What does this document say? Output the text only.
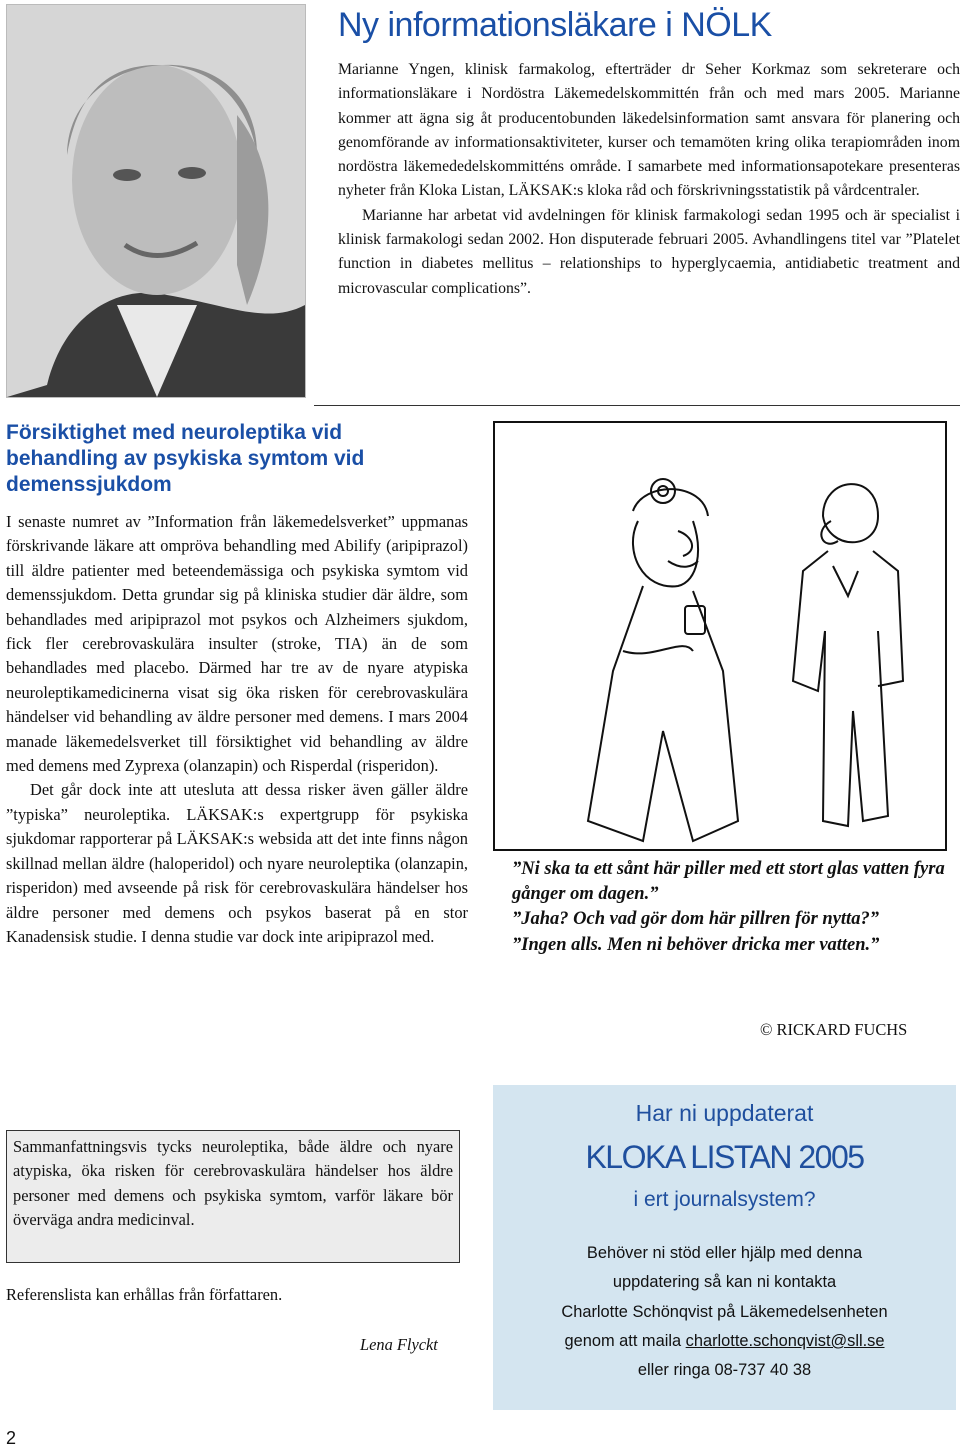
Ny informationsläkare i NÖLK

Marianne Yngen, klinisk farmakolog, efterträder dr Seher Korkmaz som sekreterare och informationsläkare i Nordöstra Läkemedelskommittén från och med mars 2005. Marianne kommer att ägna sig åt producentobunden läkedelsinformation samt ansvara för planering och genomförande av informationsaktiviteter, kurser och temamöten kring olika terapiområden inom nordöstra läkemededelskommitténs område. I samarbete med informationsapotekare presenteras nyheter från Kloka Listan, LÄKSAK:s kloka råd och förskrivningsstatistik på vårdcentraler.

Marianne har arbetat vid avdelningen för klinisk farmakologi sedan 1995 och är specialist i klinisk farmakologi sedan 2002. Hon disputerade februari 2005. Avhandlingens titel var ”Platelet function in diabetes mellitus – relationships to hyperglycaemia, antidiabetic treatment and microvascular complications”.

Försiktighet med neuroleptika vid behandling av psykiska symtom vid demenssjukdom

I senaste numret av ”Information från läkemedelsverket” uppmanas förskrivande läkare att ompröva behandling med Abilify (aripiprazol) till äldre patienter med beteendemässiga och psykiska symtom vid demenssjukdom. Detta grundar sig på kliniska studier där äldre, som behandlades med aripiprazol mot psykos och Alzheimers sjukdom, fick fler cerebrovaskulära insulter (stroke, TIA) än de som behandlades med placebo. Därmed har tre av de nyare atypiska neuroleptikamedicinerna visat sig öka risken för cerebrovaskulära händelser vid behandling av äldre personer med demens. I mars 2004 manade läkemedelsverket till försiktighet vid behandling av äldre med demens med Zyprexa (olanzapin) och Risperdal (risperidon).

Det går dock inte att utesluta att dessa risker även gäller äldre ”typiska” neuroleptika. LÄKSAK:s expertgrupp för psykiska sjukdomar rapporterar på LÄKSAK:s websida att det inte finns någon skillnad mellan äldre (haloperidol) och nyare neuroleptika (olanzapin, risperidon) med avseende på risk för cerebrovaskulära händelser hos äldre personer med demens och psykos baserat på en stor Kanadensisk studie. I denna studie var dock inte aripiprazol med.

Sammanfattningsvis tycks neuroleptika, både äldre och nyare atypiska, öka risken för cerebrovaskulära händelser hos äldre personer med demens och psykiska symtom, varför läkare bör överväga andra medicinval.
Referenslista kan erhållas från författaren.
Lena Flyckt
”Ni ska ta ett sånt här piller med ett stort glas vatten fyra gånger om dagen.”
”Jaha? Och vad gör dom här pillren för nytta?”
”Ingen alls. Men ni behöver dricka mer vatten.”
© RICKARD FUCHS
Har ni uppdaterat
KLOKA LISTAN 2005
i ert journalsystem?
Behöver ni stöd eller hjälp med denna
uppdatering så kan ni kontakta
Charlotte Schönqvist på Läkemedelsenheten
genom att maila charlotte.schonqvist@sll.se
eller ringa 08-737 40 38
2
